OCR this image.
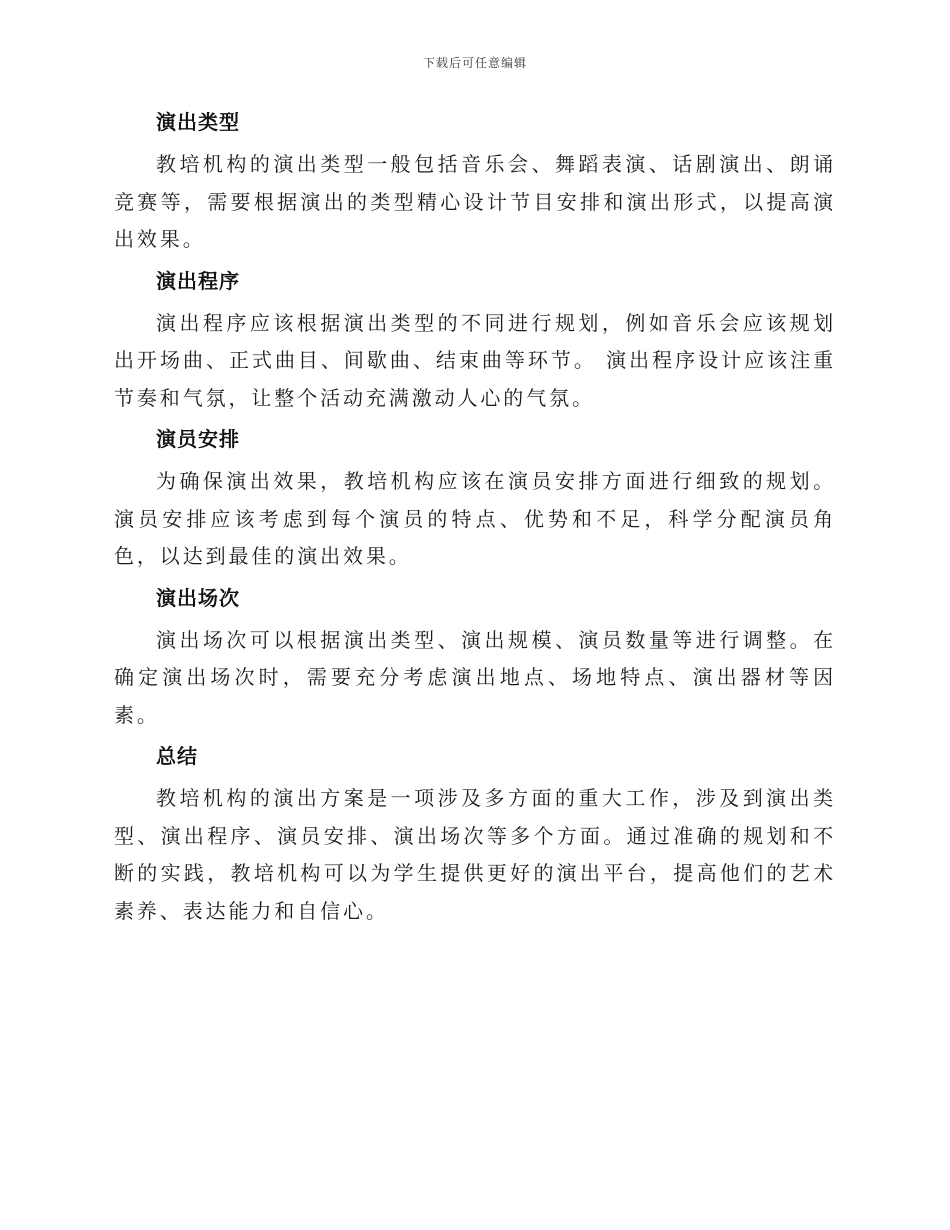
下载后可任意编辑
演出类型

教培机构的演出类型一般包括音乐会、舞蹈表演、话剧演出、朗诵竞赛等，需要根据演出的类型精心设计节目安排和演出形式，以提高演出效果。

演出程序

演出程序应该根据演出类型的不同进行规划，例如音乐会应该规划出开场曲、正式曲目、间歇曲、结束曲等环节。 演出程序设计应该注重节奏和气氛，让整个活动充满激动人心的气氛。

演员安排

为确保演出效果，教培机构应该在演员安排方面进行细致的规划。演员安排应该考虑到每个演员的特点、优势和不足，科学分配演员角色，以达到最佳的演出效果。

演出场次

演出场次可以根据演出类型、演出规模、演员数量等进行调整。在确定演出场次时，需要充分考虑演出地点、场地特点、演出器材等因素。

总结

教培机构的演出方案是一项涉及多方面的重大工作，涉及到演出类型、演出程序、演员安排、演出场次等多个方面。通过准确的规划和不断的实践，教培机构可以为学生提供更好的演出平台，提高他们的艺术素养、表达能力和自信心。
